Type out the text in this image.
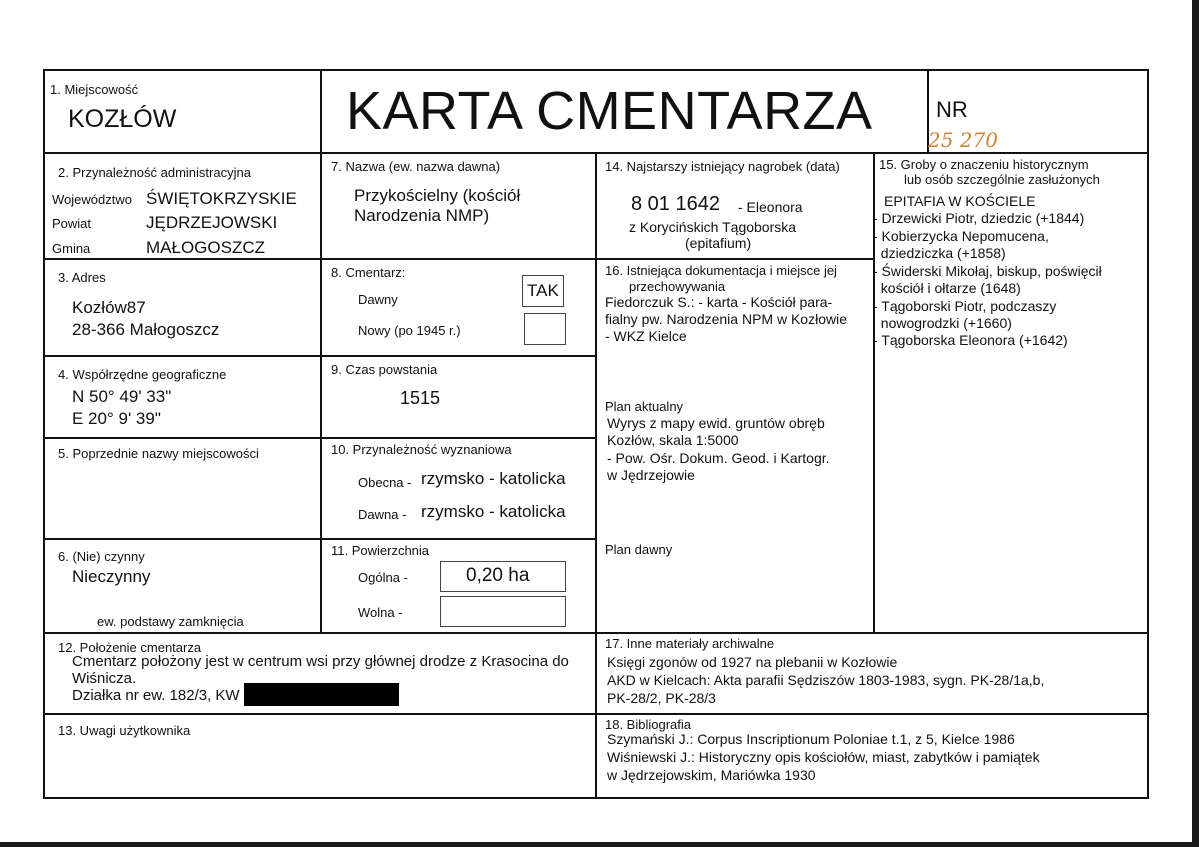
1. Miejscowość
KOZŁÓW	KARTA CMENTARZA	NR
25 270
2. Przynależność administracyjna
Województwo ŚWIĘTOKRZYSKIE
Powiat	JĘDRZEJOWSKI
Gmina	MAŁOGOSZCZ
3. Adres
Kozłów87
28-366 Małogoszcz
4. Współrzędne geograficzne
N 50° 49' 33"
E 20° 9' 39"
5. Poprzednie nazwy miejscowości
6. (Nie) czynny
Nieczynny
ew. podstawy zamknięcia
7. Nazwa (ew. nazwa dawna)
Przykościelny (kościół
Narodzenia NMP)
8. Cmentarz:
Dawny	TAK
Nowy (po 1945 r.)
9. Czas powstania
1515
10. Przynależność wyznaniowa
Obecna - rzymsko - katolicka
Dawna - rzymsko - katolicka
11. Powierzchnia
Ogólna -	0,20 ha
Wolna -
12. Położenie cmentarza
Cmentarz położony jest w centrum wsi przy głównej drodze z Krasocina do
Wiśnicza.
Działka nr ew. 182/3, KW
13. Uwagi użytkownika
14. Najstarszy istniejący nagrobek (data)
8 01 1642 - Eleonora
z Korycińskich Tągoborska
(epitafium)
16. Istniejąca dokumentacja i miejsce jej
przechowywania
Fiedorczuk S.: - karta - Kościół para-
fialny pw. Narodzenia NPM w Kozłowie
- WKZ Kielce
Plan aktualny
Wyrys z mapy ewid. gruntów obręb
Kozłów, skala 1:5000
- Pow. Ośr. Dokum. Geod. i Kartogr.
w Jędrzejowie
Plan dawny
15. Groby o znaczeniu historycznym
lub osób szczególnie zasłużonych
EPITAFIA W KOŚCIELE
- Drzewicki Piotr, dziedzic (+1844)
- Kobierzycka Nepomucena,
dziedziczka (+1858)
- Świderski Mikołaj, biskup, poświęcił
kościół i ołtarze (1648)
- Tągoborski Piotr, podczaszy
nowogrodzki (+1660)
- Tągoborska Eleonora (+1642)
17. Inne materiały archiwalne
Księgi zgonów od 1927 na plebanii w Kozłowie
AKD w Kielcach: Akta parafii Sędziszów 1803-1983, sygn. PK-28/1a,b,
PK-28/2, PK-28/3
18. Bibliografia
Szymański J.: Corpus Inscriptionum Poloniae t.1, z 5, Kielce 1986
Wiśniewski J.: Historyczny opis kościołów, miast, zabytków i pamiątek
w Jędrzejowskim, Mariówka 1930
